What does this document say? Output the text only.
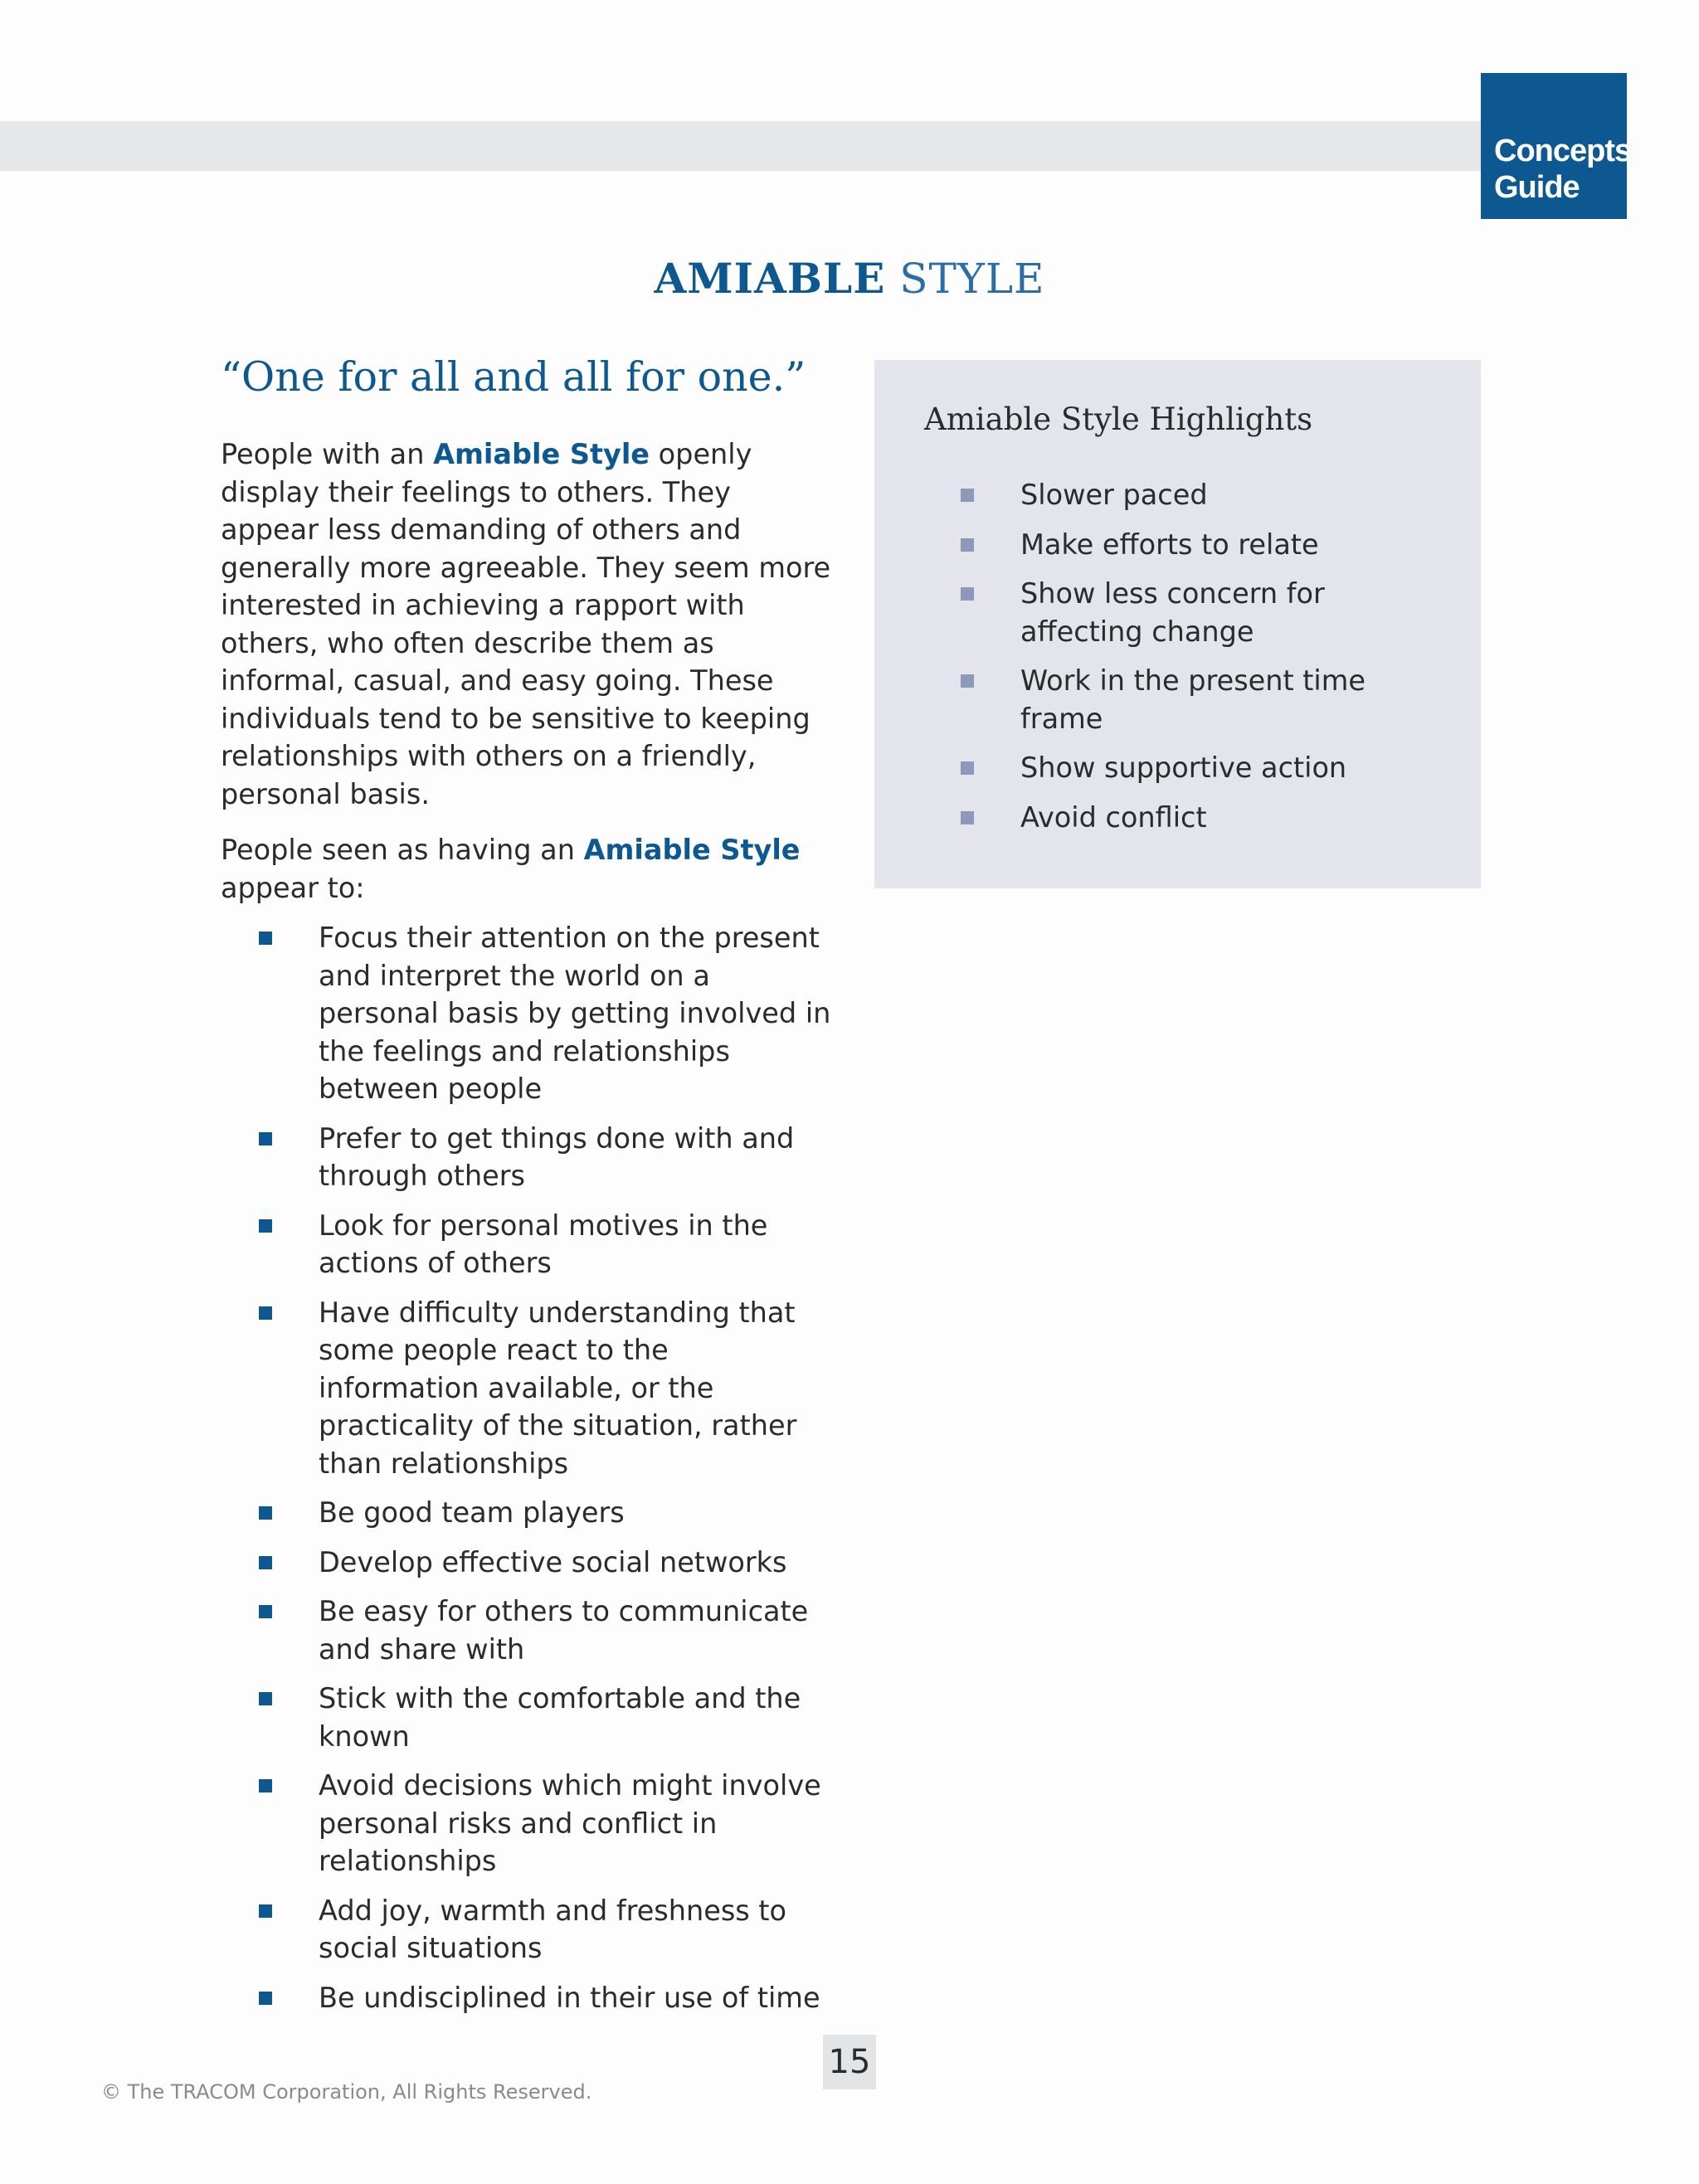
Concepts
Guide
AMIABLE STYLE
“One for all and all for one.”

People with an Amiable Style openly display their feelings to others. They appear less demanding of others and generally more agreeable. They seem more interested in achieving a rapport with others, who often describe them as informal, casual, and easy going. These individuals tend to be sensitive to keeping relationships with others on a friendly, personal basis.

People seen as having an Amiable Style appear to:

Focus their attention on the present and interpret the world on a personal basis by getting involved in the feelings and relationships between people
Prefer to get things done with and through others
Look for personal motives in the actions of others
Have difficulty understanding that some people react to the information available, or the practicality of the situation, rather than relationships
Be good team players
Develop effective social networks
Be easy for others to communicate and share with
Stick with the comfortable and the known
Avoid decisions which might involve personal risks and conflict in relationships
Add joy, warmth and freshness to social situations
Be undisciplined in their use of time
Amiable Style Highlights
Slower paced
Make efforts to relate
Show less concern for affecting change
Work in the present time frame
Show supportive action
Avoid conflict
15
© The TRACOM Corporation, All Rights Reserved.
